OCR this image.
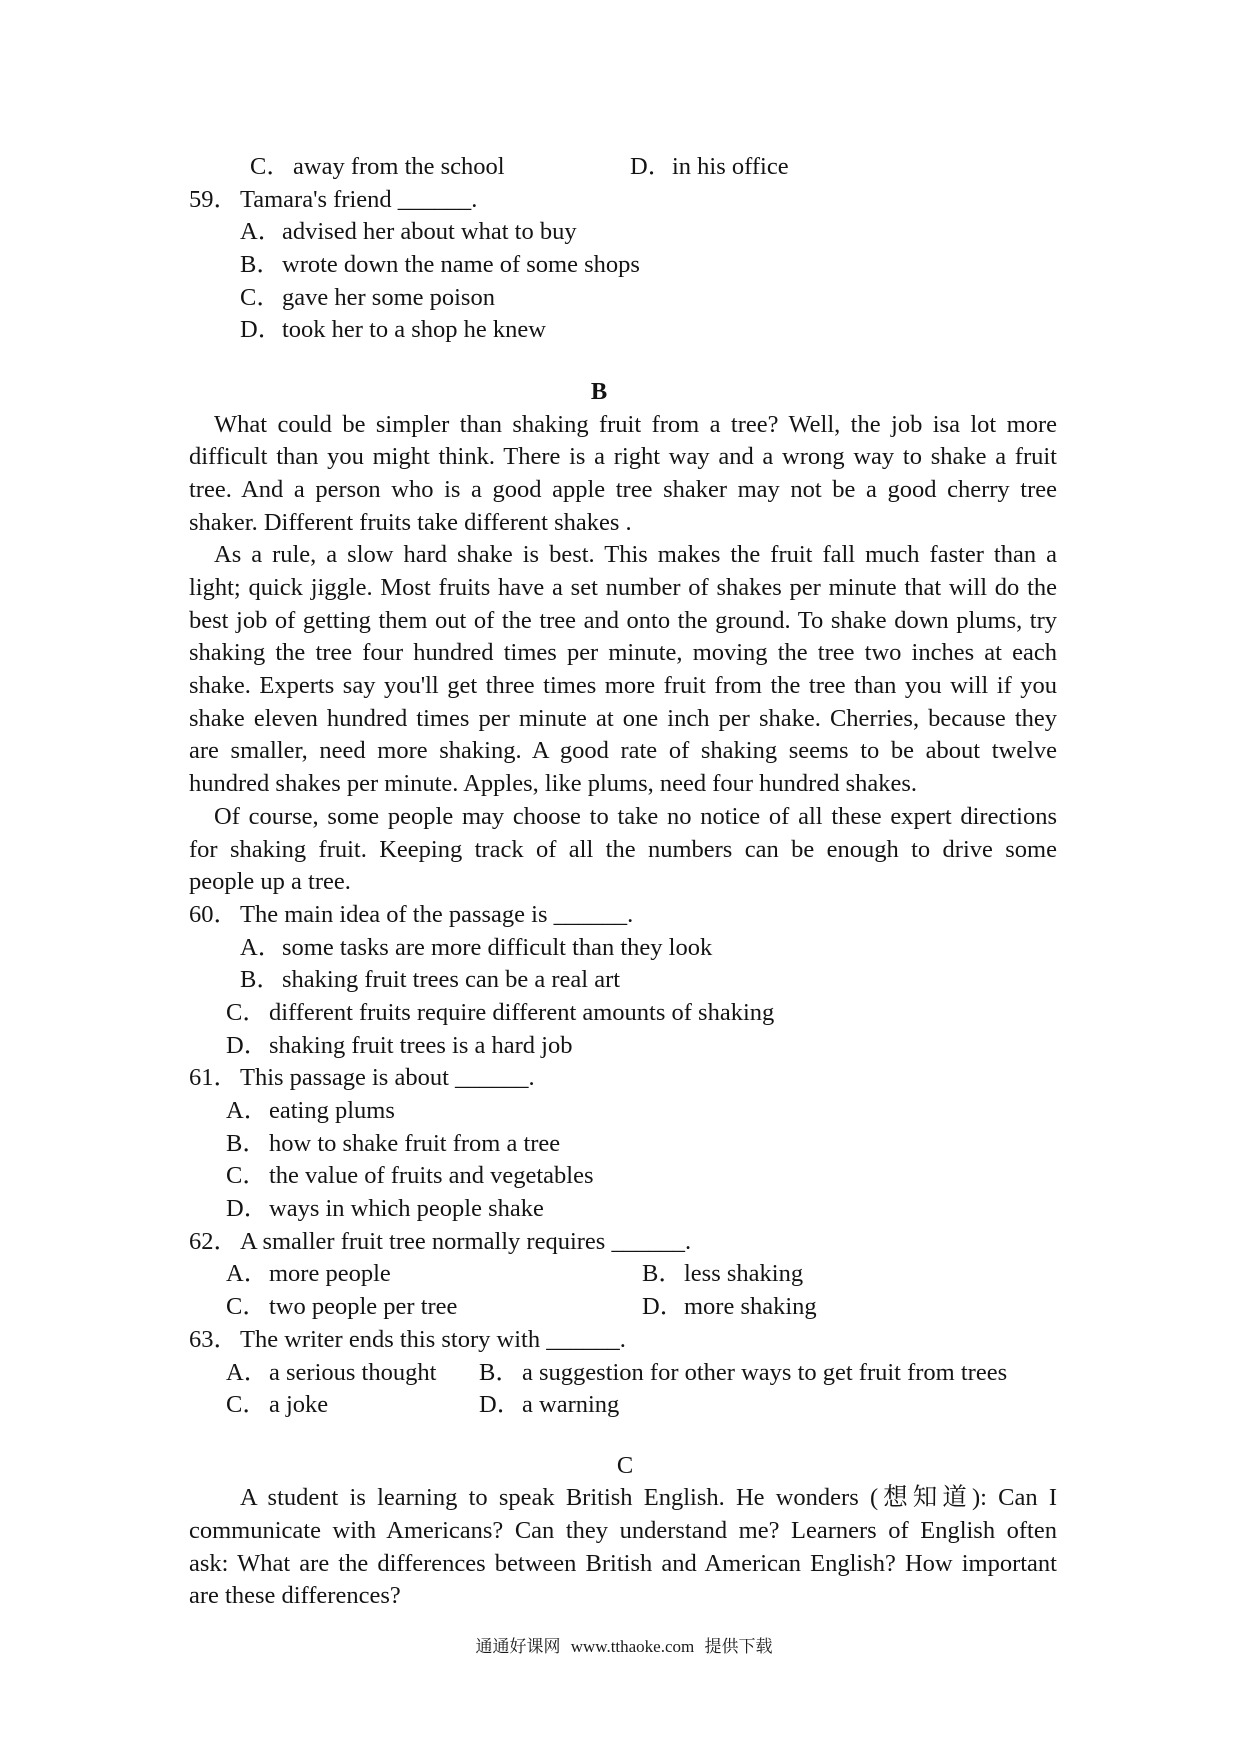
C． away from the school	D． in his office
59． Tamara's friend ______.
A． advised her about what to buy
B． wrote down the name of some shops
C． gave her some poison
D． took her to a shop he knew
B
What could be simpler than shaking fruit from a tree? Well, the job isa lot more
difficult than you might think. There is a right way and a wrong way to shake a fruit
tree. And a person who is a good apple tree shaker may not be a good cherry tree
shaker. Different fruits take different shakes .
As a rule, a slow hard shake is best. This makes the fruit fall much faster than a
light; quick jiggle. Most fruits have a set number of shakes per minute that will do the
best job of getting them out of the tree and onto the ground. To shake down plums, try
shaking the tree four hundred times per minute, moving the tree two inches at each
shake. Experts say you'll get three times more fruit from the tree than you will if you
shake eleven hundred times per minute at one inch per shake. Cherries, because they
are smaller, need more shaking. A good rate of shaking seems to be about twelve
hundred shakes per minute. Apples, like plums, need four hundred shakes.
Of course, some people may choose to take no notice of all these expert directions
for shaking fruit. Keeping track of all the numbers can be enough to drive some
people up a tree.
60． The main idea of the passage is ______.
A． some tasks are more difficult than they look
B． shaking fruit trees can be a real art
C． different fruits require different amounts of shaking
D． shaking fruit trees is a hard job
61． This passage is about ______.
A． eating plums
B． how to shake fruit from a tree
C． the value of fruits and vegetables
D． ways in which people shake
62． A smaller fruit tree normally requires ______.
A． more people	B． less shaking
C． two people per tree	D． more shaking
63． The writer ends this story with ______.
A． a serious thought B． a suggestion for other ways to get fruit from trees
C． a joke	D． a warning
C
A student is learning to speak British English. He wonders (想知道): Can I
communicate with Americans? Can they understand me? Learners of English often
ask: What are the differences between British and American English? How important
are these differences?
通通好课网 www.tthaoke.com 提供下载
